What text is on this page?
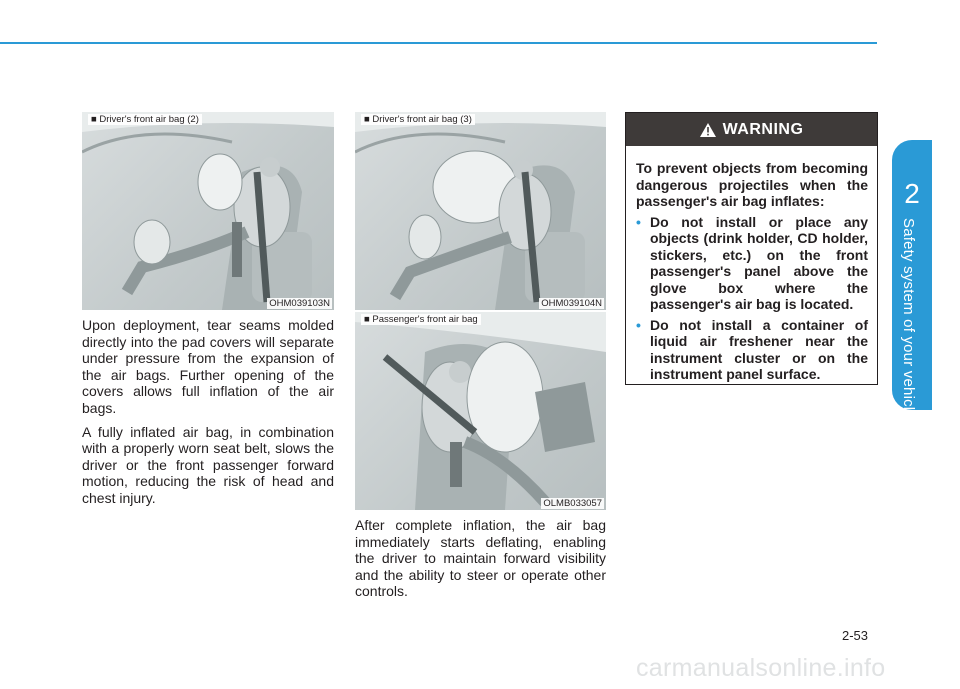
2
Safety system of your vehicle
■ Driver's front air bag (2)
OHM039103N
■ Driver's front air bag (3)
OHM039104N
■ Passenger's front air bag
OLMB033057

Upon deployment, tear seams molded directly into the pad covers will separate under pressure from the expansion of the air bags. Further opening of the covers allows full inflation of the air bags.

A fully inflated air bag, in combination with a properly worn seat belt, slows the driver or the front passenger forward motion, reducing the risk of head and chest injury.

After complete inflation, the air bag immediately starts deflating, enabling the driver to maintain forward visibility and the ability to steer or operate other controls.

WARNING

To prevent objects from becoming dangerous projectiles when the passenger's air bag inflates:

• Do not install or place any objects (drink holder, CD holder, stickers, etc.) on the front passenger's panel above the glove box where the passenger's air bag is located.
• Do not install a container of liquid air freshener near the instrument cluster or on the instrument panel surface.
2-53
carmanualsonline.info
